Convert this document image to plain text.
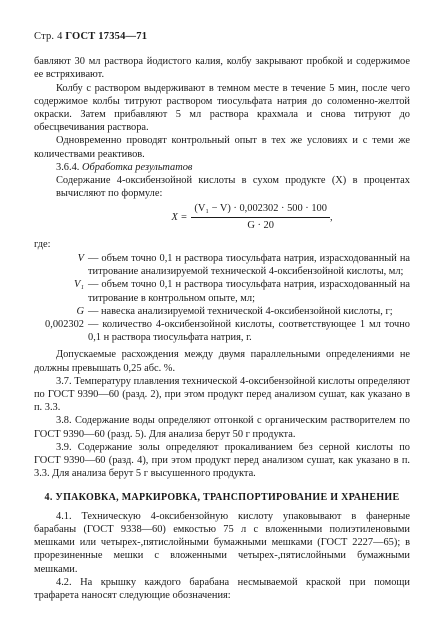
Стр. 4 ГОСТ 17354—71

бавляют 30 мл раствора йодистого калия, колбу закрывают пробкой и содержимое ее встряхивают.

Колбу с раствором выдерживают в темном месте в течение 5 мин, после чего содержимое колбы титруют раствором тиосульфата натрия до соломенно-желтой окраски. Затем прибавляют 5 мл раствора крахмала и снова титруют до обесцвечивания раствора.

Одновременно проводят контрольный опыт в тех же условиях и с теми же количествами реактивов.

3.6.4. Обработка результатов

Содержание 4-оксибензойной кислоты в сухом продукте (X) в процентах вычисляют по формуле:

$X = \frac{\text{(V₁ − V) · 0,002302 · 500 · 100}}{G \cdot 20}$ ,

где:

V — объем точно 0,1 н раствора тиосульфата натрия, израсходованный на титрование анализируемой технической 4-оксибензойной кислоты, мл;
V₁ — объем точно 0,1 н раствора тиосульфата натрия, израсходованный на титрование в контрольном опыте, мл;
G — навеска анализируемой технической 4-оксибензойной кислоты, г;
0,002302 — количество 4-оксибензойной кислоты, соответствующее 1 мл точно 0,1 н раствора тиосульфата натрия, г.

Допускаемые расхождения между двумя параллельными определениями не должны превышать 0,25 абс. %.

3.7. Температуру плавления технической 4-оксибензойной кислоты определяют по ГОСТ 9390—60 (разд. 2), при этом продукт перед анализом сушат, как указано в п. 3.3.

3.8. Содержание воды определяют отгонкой с органическим растворителем по ГОСТ 9390—60 (разд. 5). Для анализа берут 50 г продукта.

3.9. Содержание золы определяют прокаливанием без серной кислоты по ГОСТ 9390—60 (разд. 4), при этом продукт перед анализом сушат, как указано в п. 3.3. Для анализа берут 5 г высушенного продукта.

4. УПАКОВКА, МАРКИРОВКА, ТРАНСПОРТИРОВАНИЕ И ХРАНЕНИЕ

4.1. Техническую 4-оксибензойную кислоту упаковывают в фанерные барабаны (ГОСТ 9338—60) емкостью 75 л с вложенными полиэтиленовыми мешками или четырех-,пятислойными бумажными мешками (ГОСТ 2227—65); в прорезиненные мешки с вложенными четырех-,пятислойными бумажными мешками.

4.2. На крышку каждого барабана несмываемой краской при помощи трафарета наносят следующие обозначения:
